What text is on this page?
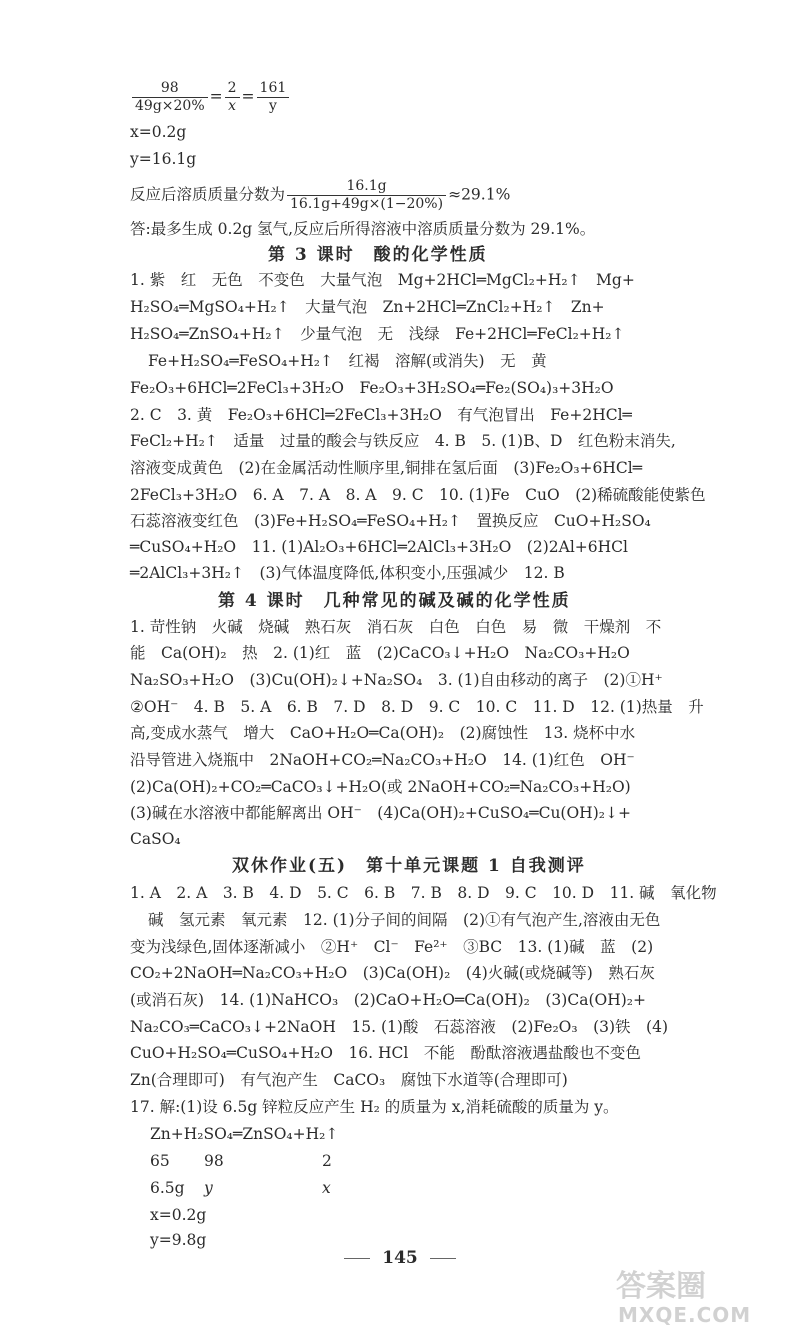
$\frac{98}{49g\times 20\%} = \frac{2}{x} = \frac{161}{y}$
x=0.2g
y=16.1g
反应后溶质质量分数为 $\frac{16.1g}{16.1g+49g\times(1-20\%)} \approx 29.1\%$
答:最多生成 0.2g 氢气,反应后所得溶液中溶质质量分数为 29.1%。
第 3 课时　酸的化学性质
1. 紫　红　无色　不变色　大量气泡　Mg+2HCl═MgCl₂+H₂↑　Mg+
H₂SO₄═MgSO₄+H₂↑　大量气泡　Zn+2HCl═ZnCl₂+H₂↑　Zn+
H₂SO₄═ZnSO₄+H₂↑　少量气泡　无　浅绿　Fe+2HCl═FeCl₂+H₂↑
Fe+H₂SO₄═FeSO₄+H₂↑　红褐　溶解(或消失)　无　黄
Fe₂O₃+6HCl═2FeCl₃+3H₂O　Fe₂O₃+3H₂SO₄═Fe₂(SO₄)₃+3H₂O
2. C　3. 黄　Fe₂O₃+6HCl═2FeCl₃+3H₂O　有气泡冒出　Fe+2HCl═
FeCl₂+H₂↑　适量　过量的酸会与铁反应　4. B　5. (1)B、D　红色粉末消失,
溶液变成黄色　(2)在金属活动性顺序里,铜排在氢后面　(3)Fe₂O₃+6HCl═
2FeCl₃+3H₂O　6. A　7. A　8. A　9. C　10. (1)Fe　CuO　(2)稀硫酸能使紫色
石蕊溶液变红色　(3)Fe+H₂SO₄═FeSO₄+H₂↑　置换反应　CuO+H₂SO₄
═CuSO₄+H₂O　11. (1)Al₂O₃+6HCl═2AlCl₃+3H₂O　(2)2Al+6HCl
═2AlCl₃+3H₂↑　(3)气体温度降低,体积变小,压强减少　12. B
第 4 课时　几种常见的碱及碱的化学性质
1. 苛性钠　火碱　烧碱　熟石灰　消石灰　白色　白色　易　微　干燥剂　不
能　Ca(OH)₂　热　2. (1)红　蓝　(2)CaCO₃↓+H₂O　Na₂CO₃+H₂O
Na₂SO₃+H₂O　(3)Cu(OH)₂↓+Na₂SO₄　3. (1)自由移动的离子　(2)①H⁺
②OH⁻　4. B　5. A　6. B　7. D　8. D　9. C　10. C　11. D　12. (1)热量　升
高,变成水蒸气　增大　CaO+H₂O═Ca(OH)₂　(2)腐蚀性　13. 烧杯中水
沿导管进入烧瓶中　2NaOH+CO₂═Na₂CO₃+H₂O　14. (1)红色　OH⁻
(2)Ca(OH)₂+CO₂═CaCO₃↓+H₂O(或 2NaOH+CO₂═Na₂CO₃+H₂O)
(3)碱在水溶液中都能解离出 OH⁻　(4)Ca(OH)₂+CuSO₄═Cu(OH)₂↓+
CaSO₄
双休作业(五)　第十单元课题 1 自我测评
1. A　2. A　3. B　4. D　5. C　6. B　7. B　8. D　9. C　10. D　11. 碱　氧化物
碱　氢元素　氧元素　12. (1)分子间的间隔　(2)①有气泡产生,溶液由无色
变为浅绿色,固体逐渐减小　②H⁺　Cl⁻　Fe²⁺　③BC　13. (1)碱　蓝　(2)
CO₂+2NaOH═Na₂CO₃+H₂O　(3)Ca(OH)₂　(4)火碱(或烧碱等)　熟石灰
(或消石灰)　14. (1)NaHCO₃　(2)CaO+H₂O═Ca(OH)₂　(3)Ca(OH)₂+
Na₂CO₃═CaCO₃↓+2NaOH　15. (1)酸　石蕊溶液　(2)Fe₂O₃　(3)铁　(4)
CuO+H₂SO₄═CuSO₄+H₂O　16. HCl　不能　酚酞溶液遇盐酸也不变色
Zn(合理即可)　有气泡产生　CaCO₃　腐蚀下水道等(合理即可)
17. 解:(1)设 6.5g 锌粒反应产生 H₂ 的质量为 x,消耗硫酸的质量为 y。
Zn+H₂SO₄═ZnSO₄+H₂↑
65 98	2
6.5g y	x
x=0.2g
y=9.8g
145
答案圈
MXQE.COM
